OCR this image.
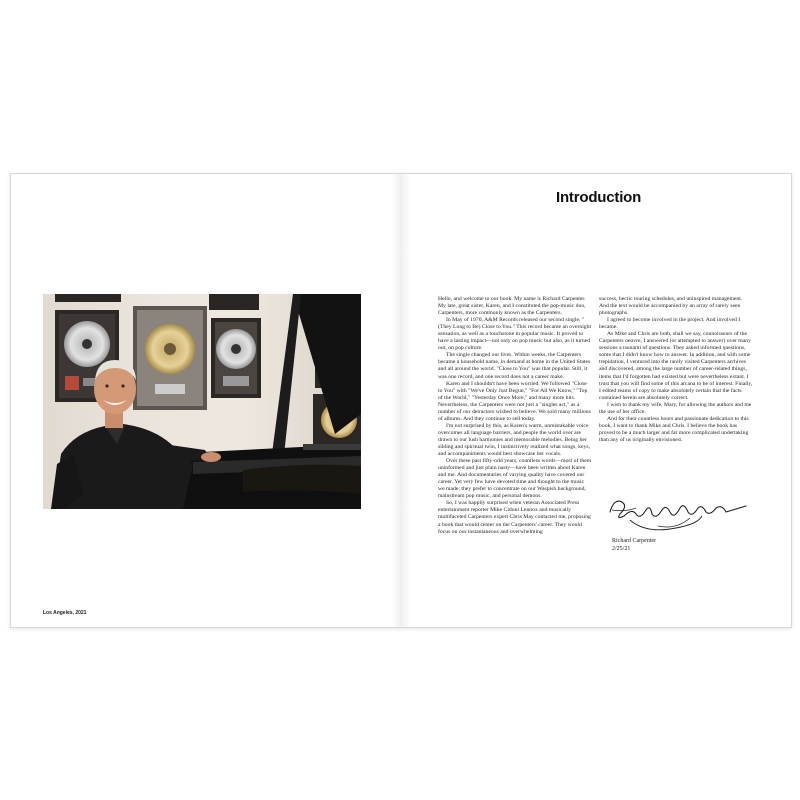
Los Angeles, 2021
Introduction

Hello, and welcome to our book. My name is Richard Carpenter. My late, great sister, Karen, and I constituted the pop-music duo, Carpenters, more commonly known as the Carpenters.

In May of 1970, A&M Records released our second single, "(They Long to Be) Close to You." This record became an overnight sensation, as well as a touchstone in popular music. It proved to have a lasting impact—not only on pop music but also, as it turned out, on pop culture.

The single changed our lives. Within weeks, the Carpenters became a household name, in demand at home in the United States and all around the world. "Close to You" was that popular. Still, it was one record, and one record does not a career make.

Karen and I shouldn't have been worried. We followed "Close to You" with "We've Only Just Begun," "For All We Know," "Top of the World," "Yesterday Once More," and many more hits. Nevertheless, the Carpenters were not just a "singles act," as a number of our detractors wished to believe. We sold many millions of albums. And they continue to sell today.

I'm not surprised by this, as Karen's warm, unmistakable voice overcomes all language barriers, and people the world over are drawn to our lush harmonies and memorable melodies. Being her sibling and spiritual twin, I instinctively realized what songs, keys, and accompaniments would best showcase her vocals.

Over these past fifty-odd years, countless words—most of them uninformed and just plain nasty—have been written about Karen and me. And documentaries of varying quality have covered our career. Yet very few have devoted time and thought to the music we made; they prefer to concentrate on our Waspish background, mainstream pop music, and personal demons.

So, I was happily surprised when veteran Associated Press entertainment reporter Mike Cidoni Lennox and musically multifaceted Carpenters expert Chris May contacted me, proposing a book that would center on the Carpenters' career. They would focus on our instantaneous and overwhelming

success, hectic touring schedules, and uninspired management. And the text would be accompanied by an array of rarely seen photographs.

I agreed to become involved in the project. And involved I became.

As Mike and Chris are both, shall we say, connoisseurs of the Carpenters oeuvre, I answered (or attempted to answer) over many sessions a tsunami of questions. They asked informed questions, some that I didn't know how to answer. In addition, and with some trepidation, I ventured into the rarely visited Carpenters archives and discovered, among the large number of career-related things, items that I'd forgotten had existed but were nevertheless extant. I trust that you will find some of this arcana to be of interest. Finally, I edited reams of copy to make absolutely certain that the facts contained herein are absolutely correct.

I wish to thank my wife, Mary, for allowing the authors and me the use of her office.

And for their countless hours and passionate dedication to this book, I want to thank Mike and Chris. I believe the book has proved to be a much larger and far more complicated undertaking than any of us originally envisioned.

Richard Carpenter
2/25/21
